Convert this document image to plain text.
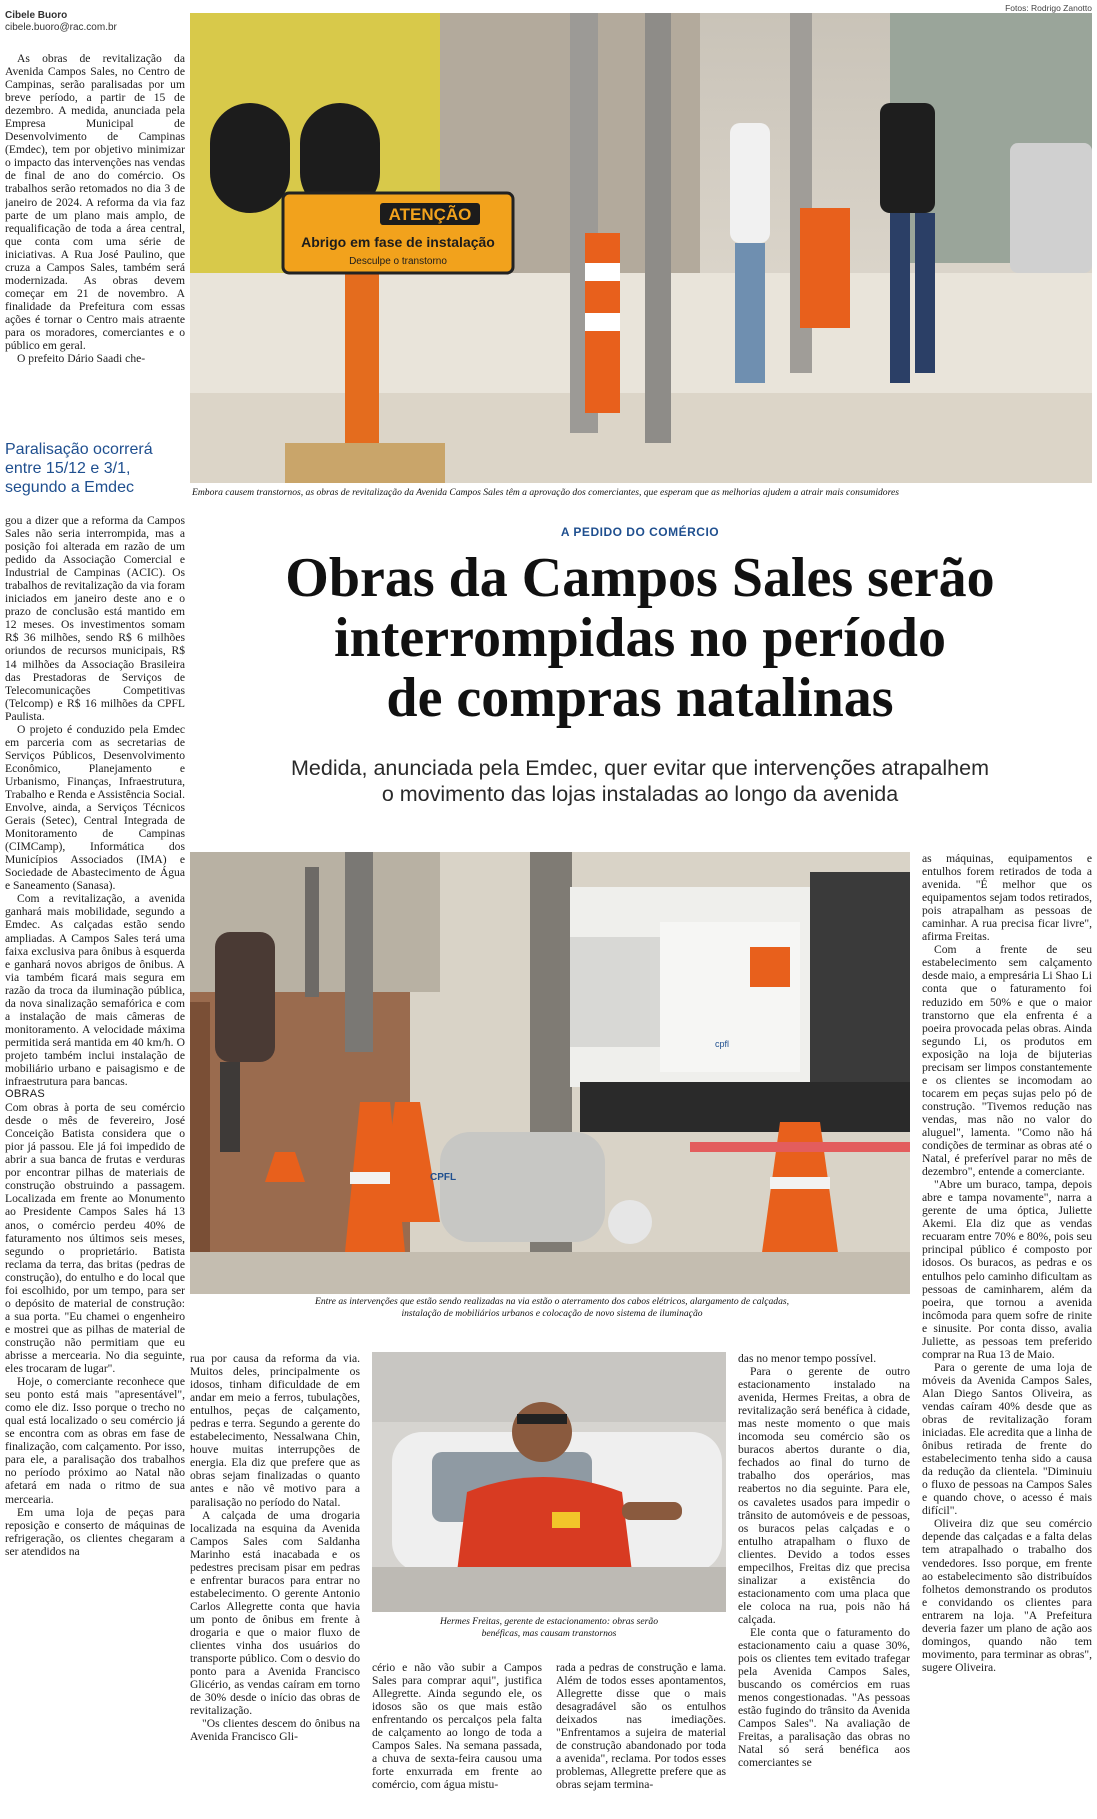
Fotos: Rodrigo Zanotto
Cibele Buoro
cibele.buoro@rac.com.br

As obras de revitalização da Avenida Campos Sales, no Centro de Campinas, serão paralisadas por um breve período, a partir de 15 de dezembro. A medida, anunciada pela Empresa Municipal de Desenvolvimento de Campinas (Emdec), tem por objetivo minimizar o impacto das intervenções nas vendas de final de ano do comércio. Os trabalhos serão retomados no dia 3 de janeiro de 2024. A reforma da via faz parte de um plano mais amplo, de requalificação de toda a área central, que conta com uma série de iniciativas. A Rua José Paulino, que cruza a Campos Sales, também será modernizada. As obras devem começar em 21 de novembro. A finalidade da Prefeitura com essas ações é tornar o Centro mais atraente para os moradores, comerciantes e o público em geral.

O prefeito Dário Saadi che-

Paralisação ocorrerá entre 15/12 e 3/1, segundo a Emdec

gou a dizer que a reforma da Campos Sales não seria interrompida, mas a posição foi alterada em razão de um pedido da Associação Comercial e Industrial de Campinas (ACIC). Os trabalhos de revitalização da via foram iniciados em janeiro deste ano e o prazo de conclusão está mantido em 12 meses. Os investimentos somam R$ 36 milhões, sendo R$ 6 milhões oriundos de recursos municipais, R$ 14 milhões da Associação Brasileira das Prestadoras de Serviços de Telecomunicações Competitivas (Telcomp) e R$ 16 milhões da CPFL Paulista.

O projeto é conduzido pela Emdec em parceria com as secretarias de Serviços Públicos, Desenvolvimento Econômico, Planejamento e Urbanismo, Finanças, Infraestrutura, Trabalho e Renda e Assistência Social. Envolve, ainda, a Serviços Técnicos Gerais (Setec), Central Integrada de Monitoramento de Campinas (CIMCamp), Informática dos Municípios Associados (IMA) e Sociedade de Abastecimento de Água e Saneamento (Sanasa).

Com a revitalização, a avenida ganhará mais mobilidade, segundo a Emdec. As calçadas estão sendo ampliadas. A Campos Sales terá uma faixa exclusiva para ônibus à esquerda e ganhará novos abrigos de ônibus. A via também ficará mais segura em razão da troca da iluminação pública, da nova sinalização semafórica e com a instalação de mais câmeras de monitoramento. A velocidade máxima permitida será mantida em 40 km/h. O projeto também inclui instalação de mobiliário urbano e paisagismo e de infraestrutura para bancas.

OBRAS

Com obras à porta de seu comércio desde o mês de fevereiro, José Conceição Batista considera que o pior já passou. Ele já foi impedido de abrir a sua banca de frutas e verduras por encontrar pilhas de materiais de construção obstruindo a passagem. Localizada em frente ao Monumento ao Presidente Campos Sales há 13 anos, o comércio perdeu 40% de faturamento nos últimos seis meses, segundo o proprietário. Batista reclama da terra, das britas (pedras de construção), do entulho e do local que foi escolhido, por um tempo, para ser o depósito de material de construção: a sua porta. "Eu chamei o engenheiro e mostrei que as pilhas de material de construção não permitiam que eu abrisse a mercearia. No dia seguinte, eles trocaram de lugar".

Hoje, o comerciante reconhece que seu ponto está mais "apresentável", como ele diz. Isso porque o trecho no qual está localizado o seu comércio já se encontra com as obras em fase de finalização, com calçamento. Por isso, para ele, a paralisação dos trabalhos no período próximo ao Natal não afetará em nada o ritmo de sua mercearia.

Em uma loja de peças para reposição e conserto de máquinas de refrigeração, os clientes chegaram a ser atendidos na

ATENÇÃO
Abrigo em fase de instalação
Desculpe o transtorno
Embora causem transtornos, as obras de revitalização da Avenida Campos Sales têm a aprovação dos comerciantes, que esperam que as melhorias ajudem a atrair mais consumidores
A PEDIDO DO COMÉRCIO
Obras da Campos Sales serão
interrompidas no período
de compras natalinas
Medida, anunciada pela Emdec, quer evitar que intervenções atrapalhem
o movimento das lojas instaladas ao longo da avenida
CPFL
cpfl
Entre as intervenções que estão sendo realizadas na via estão o aterramento dos cabos elétricos, alargamento de calçadas,
instalação de mobiliários urbanos e colocação de novo sistema de iluminação

as máquinas, equipamentos e entulhos forem retirados de toda a avenida. "É melhor que os equipamentos sejam todos retirados, pois atrapalham as pessoas de caminhar. A rua precisa ficar livre", afirma Freitas.

Com a frente de seu estabelecimento sem calçamento desde maio, a empresária Li Shao Li conta que o faturamento foi reduzido em 50% e que o maior transtorno que ela enfrenta é a poeira provocada pelas obras. Ainda segundo Li, os produtos em exposição na loja de bijuterias precisam ser limpos constantemente e os clientes se incomodam ao tocarem em peças sujas pelo pó de construção. "Tivemos redução nas vendas, mas não no valor do aluguel", lamenta. "Como não há condições de terminar as obras até o Natal, é preferível parar no mês de dezembro", entende a comerciante.

"Abre um buraco, tampa, depois abre e tampa novamente", narra a gerente de uma óptica, Juliette Akemi. Ela diz que as vendas recuaram entre 70% e 80%, pois seu principal público é composto por idosos. Os buracos, as pedras e os entulhos pelo caminho dificultam as pessoas de caminharem, além da poeira, que tornou a avenida incômoda para quem sofre de rinite e sinusite. Por conta disso, avalia Juliette, as pessoas tem preferido comprar na Rua 13 de Maio.

Para o gerente de uma loja de móveis da Avenida Campos Sales, Alan Diego Santos Oliveira, as vendas caíram 40% desde que as obras de revitalização foram iniciadas. Ele acredita que a linha de ônibus retirada de frente do estabelecimento tenha sido a causa da redução da clientela. "Diminuiu o fluxo de pessoas na Campos Sales e quando chove, o acesso é mais difícil".

Oliveira diz que seu comércio depende das calçadas e a falta delas tem atrapalhado o trabalho dos vendedores. Isso porque, em frente ao estabelecimento são distribuídos folhetos demonstrando os produtos e convidando os clientes para entrarem na loja. "A Prefeitura deveria fazer um plano de ação aos domingos, quando não tem movimento, para terminar as obras", sugere Oliveira.

rua por causa da reforma da via. Muitos deles, principalmente os idosos, tinham dificuldade de em andar em meio a ferros, tubulações, entulhos, peças de calçamento, pedras e terra. Segundo a gerente do estabelecimento, Nessalwana Chin, houve muitas interrupções de energia. Ela diz que prefere que as obras sejam finalizadas o quanto antes e não vê motivo para a paralisação no período do Natal.

A calçada de uma drogaria localizada na esquina da Avenida Campos Sales com Saldanha Marinho está inacabada e os pedestres precisam pisar em pedras e enfrentar buracos para entrar no estabelecimento. O gerente Antonio Carlos Allegrette conta que havia um ponto de ônibus em frente à drogaria e que o maior fluxo de clientes vinha dos usuários do transporte público. Com o desvio do ponto para a Avenida Francisco Glicério, as vendas caíram em torno de 30% desde o início das obras de revitalização.

"Os clientes descem do ônibus na Avenida Francisco Gli-

Hermes Freitas, gerente de estacionamento: obras serão
benéficas, mas causam transtornos

cério e não vão subir a Campos Sales para comprar aqui", justifica Allegrette. Ainda segundo ele, os idosos são os que mais estão enfrentando os percalços pela falta de calçamento ao longo de toda a Campos Sales. Na semana passada, a chuva de sexta-feira causou uma forte enxurrada em frente ao comércio, com água mistu-

rada a pedras de construção e lama. Além de todos esses apontamentos, Allegrette disse que o mais desagradável são os entulhos deixados nas imediações. "Enfrentamos a sujeira de material de construção abandonado por toda a avenida", reclama. Por todos esses problemas, Allegrette prefere que as obras sejam termina-

das no menor tempo possível.

Para o gerente de outro estacionamento instalado na avenida, Hermes Freitas, a obra de revitalização será benéfica à cidade, mas neste momento o que mais incomoda seu comércio são os buracos abertos durante o dia, fechados ao final do turno de trabalho dos operários, mas reabertos no dia seguinte. Para ele, os cavaletes usados para impedir o trânsito de automóveis e de pessoas, os buracos pelas calçadas e o entulho atrapalham o fluxo de clientes. Devido a todos esses empecilhos, Freitas diz que precisa sinalizar a existência do estacionamento com uma placa que ele coloca na rua, pois não há calçada.

Ele conta que o faturamento do estacionamento caiu a quase 30%, pois os clientes tem evitado trafegar pela Avenida Campos Sales, buscando os comércios em ruas menos congestionadas. "As pessoas estão fugindo do trânsito da Avenida Campos Sales". Na avaliação de Freitas, a paralisação das obras no Natal só será benéfica aos comerciantes se
